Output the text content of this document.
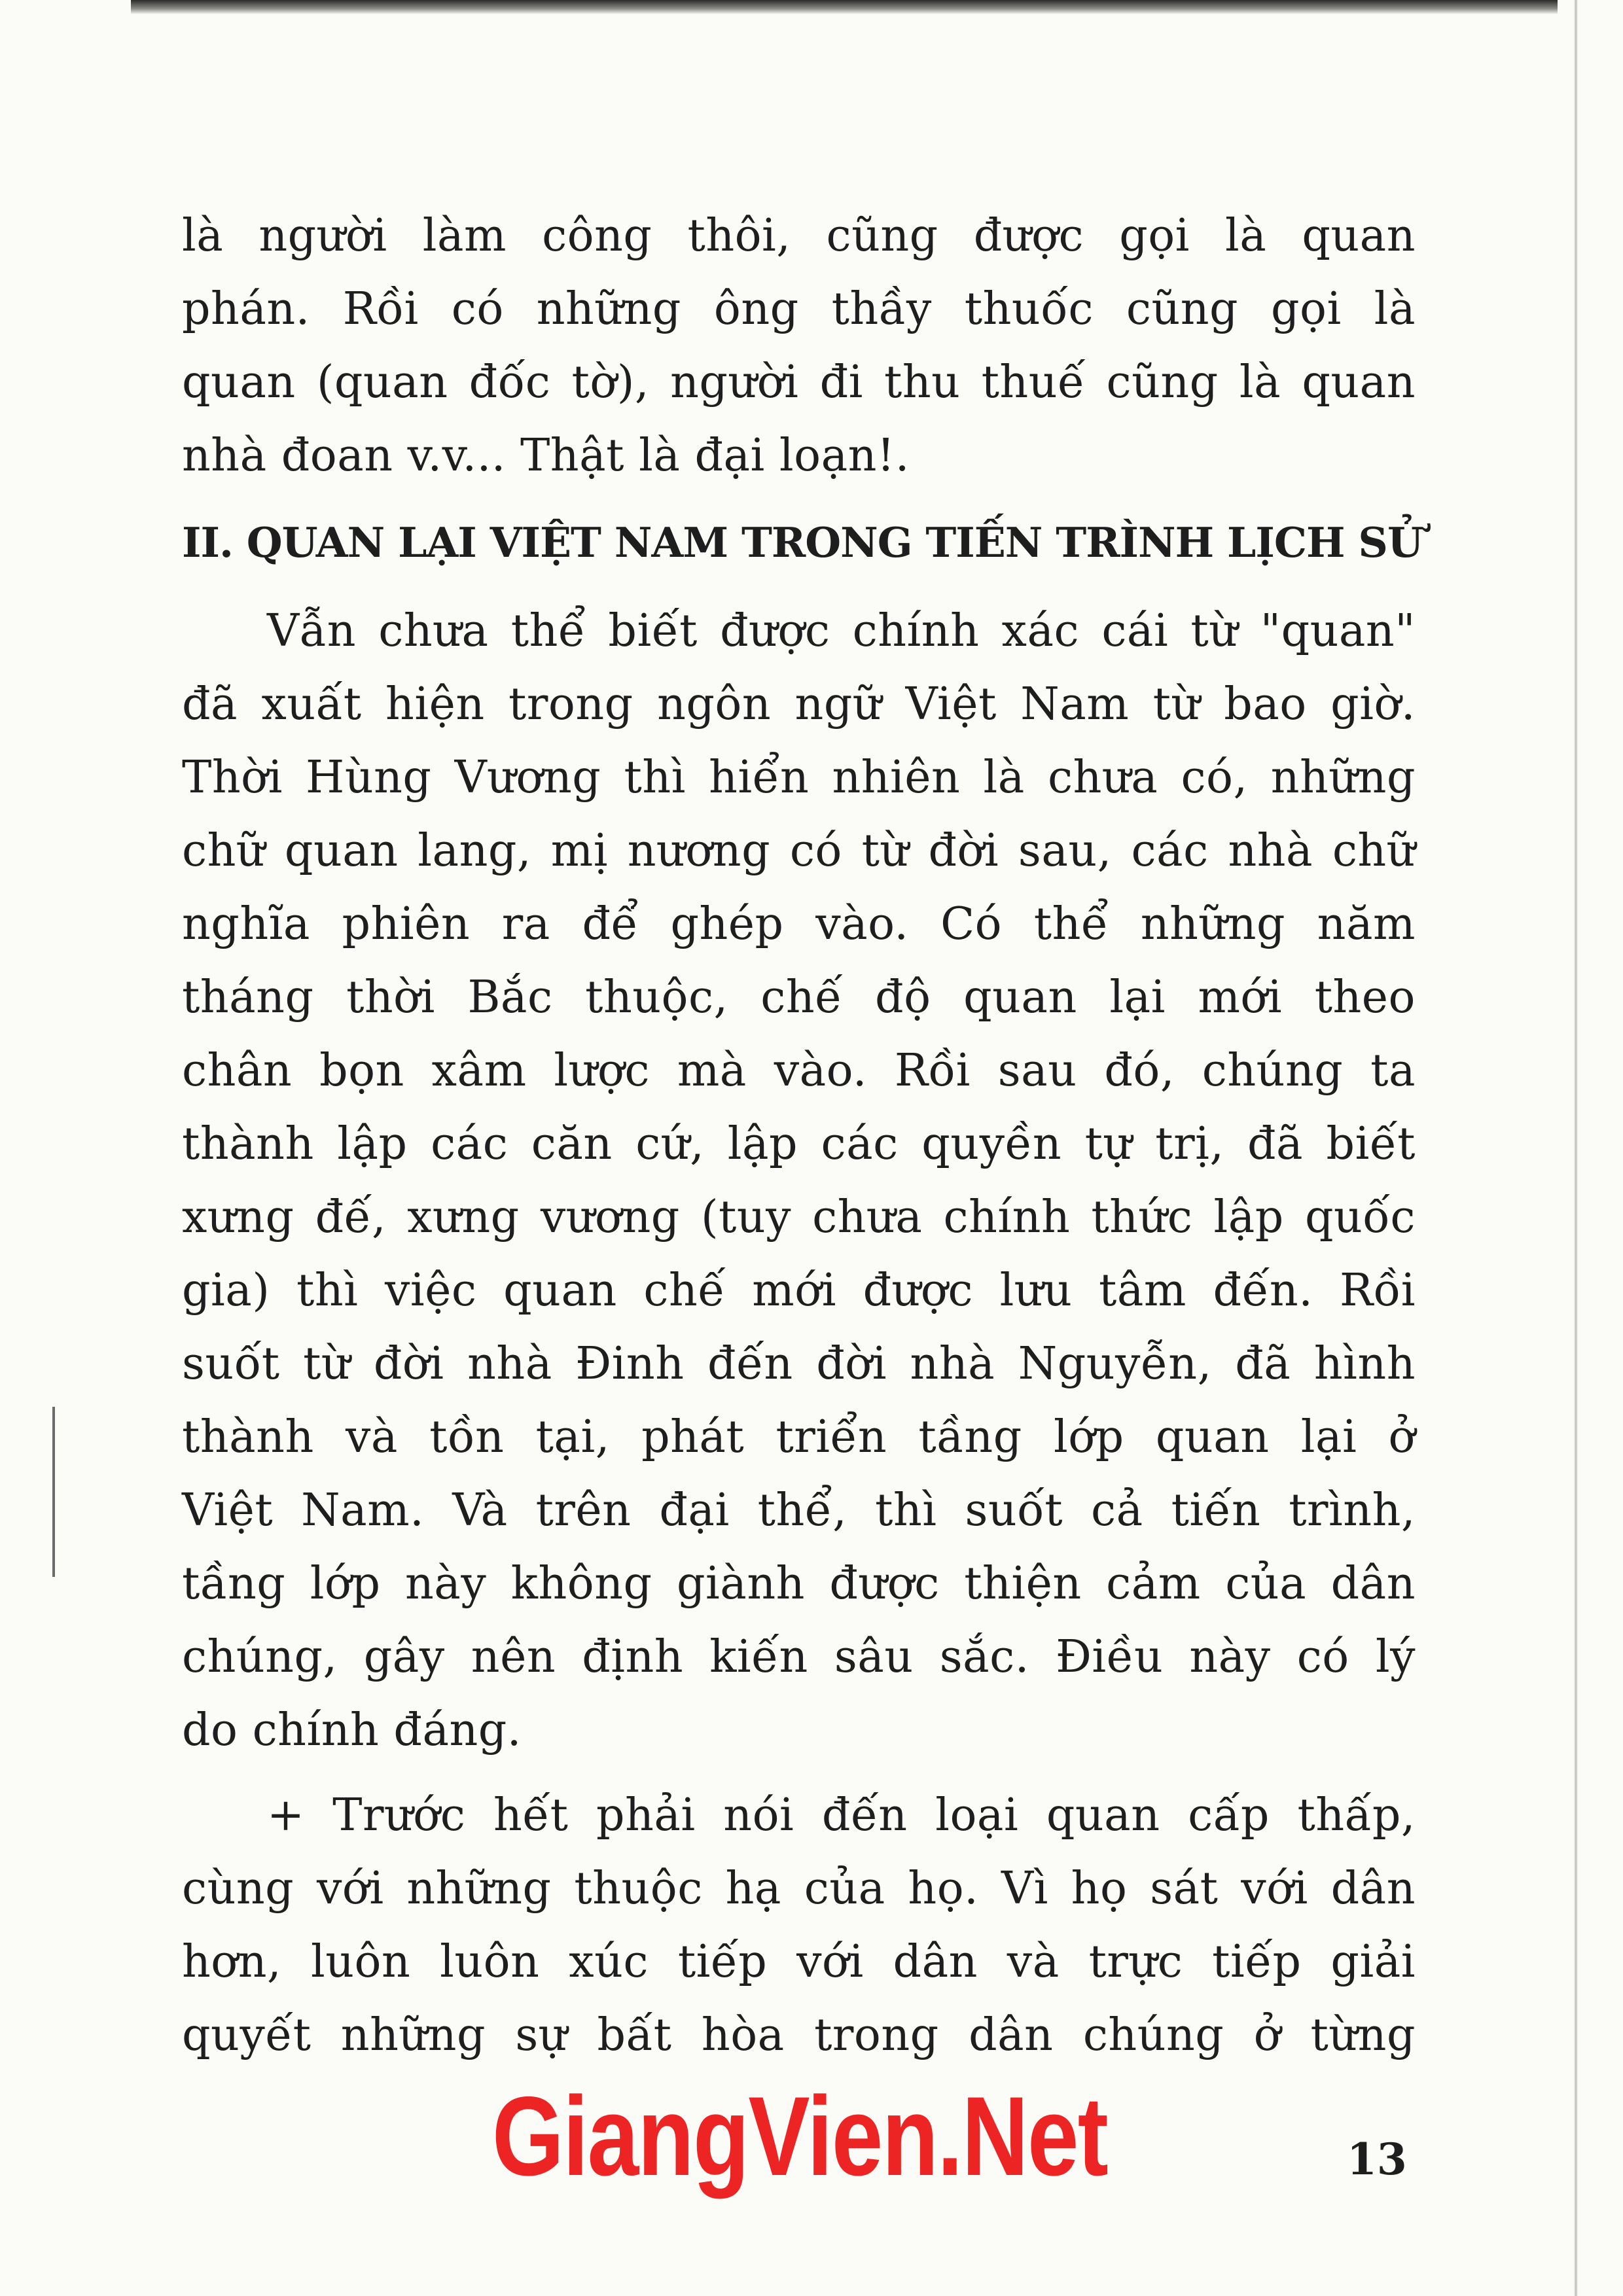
là người làm công thôi, cũng được gọi là quan
phán. Rồi có những ông thầy thuốc cũng gọi là
quan (quan đốc tờ), người đi thu thuế cũng là quan
nhà đoan v.v... Thật là đại loạn!.
II. QUAN LẠI VIỆT NAM TRONG TIẾN TRÌNH LỊCH SỬ
Vẫn chưa thể biết được chính xác cái từ "quan"
đã xuất hiện trong ngôn ngữ Việt Nam từ bao giờ.
Thời Hùng Vương thì hiển nhiên là chưa có, những
chữ quan lang, mị nương có từ đời sau, các nhà chữ
nghĩa phiên ra để ghép vào. Có thể những năm
tháng thời Bắc thuộc, chế độ quan lại mới theo
chân bọn xâm lược mà vào. Rồi sau đó, chúng ta
thành lập các căn cứ, lập các quyền tự trị, đã biết
xưng đế, xưng vương (tuy chưa chính thức lập quốc
gia) thì việc quan chế mới được lưu tâm đến. Rồi
suốt từ đời nhà Đinh đến đời nhà Nguyễn, đã hình
thành và tồn tại, phát triển tầng lớp quan lại ở
Việt Nam. Và trên đại thể, thì suốt cả tiến trình,
tầng lớp này không giành được thiện cảm của dân
chúng, gây nên định kiến sâu sắc. Điều này có lý
do chính đáng.
+ Trước hết phải nói đến loại quan cấp thấp,
cùng với những thuộc hạ của họ. Vì họ sát với dân
hơn, luôn luôn xúc tiếp với dân và trực tiếp giải
quyết những sự bất hòa trong dân chúng ở từng
GiangVien.Net	13
